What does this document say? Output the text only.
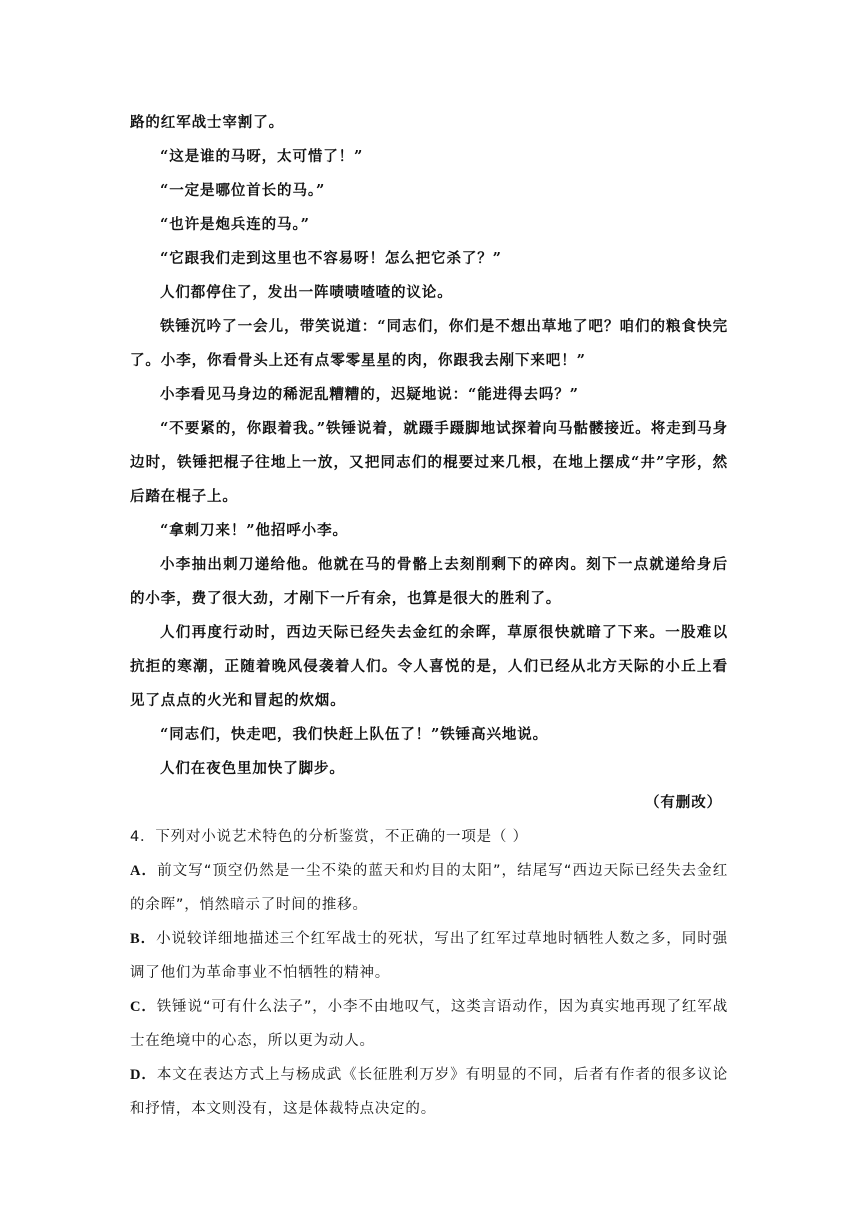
路的红军战士宰割了。

“这是谁的马呀，太可惜了！”

“一定是哪位首长的马。”

“也许是炮兵连的马。”

“它跟我们走到这里也不容易呀！怎么把它杀了？”

人们都停住了，发出一阵啧啧喳喳的议论。

铁锤沉吟了一会儿，带笑说道：“同志们，你们是不想出草地了吧？咱们的粮食快完了。小李，你看骨头上还有点零零星星的肉，你跟我去剐下来吧！”

小李看见马身边的稀泥乱糟糟的，迟疑地说：“能进得去吗？”

“不要紧的，你跟着我。”铁锤说着，就蹑手蹑脚地试探着向马骷髅接近。将走到马身边时，铁锤把棍子往地上一放，又把同志们的棍要过来几根，在地上摆成“井”字形，然后踏在棍子上。

“拿刺刀来！”他招呼小李。

小李抽出刺刀递给他。他就在马的骨骼上去刻削剩下的碎肉。刻下一点就递给身后的小李，费了很大劲，才剐下一斤有余，也算是很大的胜利了。

人们再度行动时，西边天际已经失去金红的余晖，草原很快就暗了下来。一股难以抗拒的寒潮，正随着晚风侵袭着人们。令人喜悦的是，人们已经从北方天际的小丘上看见了点点的火光和冒起的炊烟。

“同志们，快走吧，我们快赶上队伍了！”铁锤高兴地说。

人们在夜色里加快了脚步。

（有删改）

4．下列对小说艺术特色的分析鉴赏，不正确的一项是（ ）

A．前文写“顶空仍然是一尘不染的蓝天和灼目的太阳”，结尾写“西边天际已经失去金红的余晖”，悄然暗示了时间的推移。

B．小说较详细地描述三个红军战士的死状，写出了红军过草地时牺牲人数之多，同时强调了他们为革命事业不怕牺牲的精神。

C．铁锤说“可有什么法子”，小李不由地叹气，这类言语动作，因为真实地再现了红军战士在绝境中的心态，所以更为动人。

D．本文在表达方式上与杨成武《长征胜利万岁》有明显的不同，后者有作者的很多议论和抒情，本文则没有，这是体裁特点决定的。
